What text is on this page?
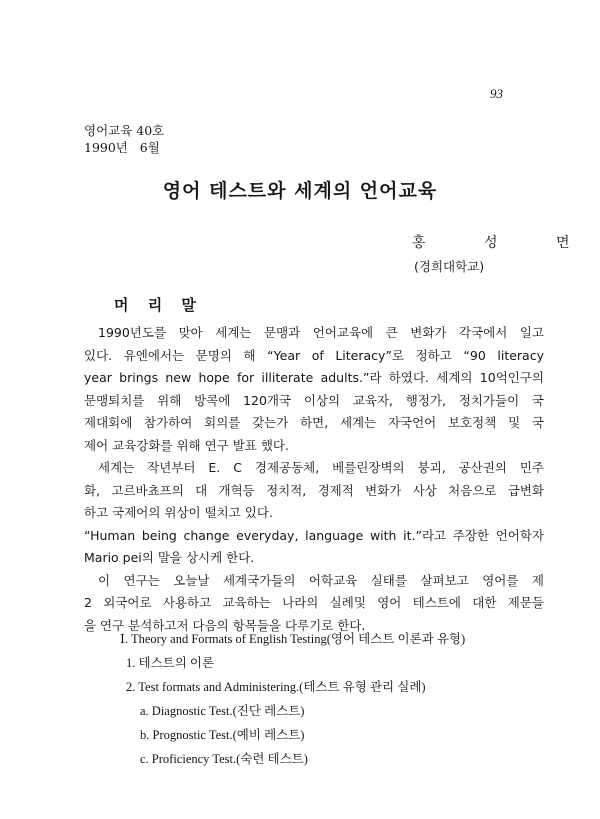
93
영어교육 40호
1990년   6월
영어 테스트와 세계의 언어교육
홍 성 면
(경희대학교)
머 리 말
1990년도를 맞아 세계는 문맹과 언어교육에 큰 변화가 각국에서 일고
있다. 유엔에서는 문명의 해 “Year of Literacy”로 정하고 “90 literacy
year brings new hope for illiterate adults.”라 하였다. 세계의 10억인구의
문맹퇴치를 위해 방콕에 120개국 이상의 교육자, 행정가, 정치가들이 국
제대회에 참가하여 회의를 갖는가 하면, 세계는 자국언어 보호정책 및 국
제어 교육강화를 위해 연구 발표 했다.
세계는 작년부터 E. C 경제공동체, 베를린장벽의 붕괴, 공산권의 민주
화, 고르바쵸프의 대 개혁등 정치적, 경제적 변화가 사상 처음으로 급변화
하고 국제어의 위상이 떨치고 있다.
“Human being change everyday, language with it.”라고 주장한 언어학자
Mario pei의 말을 상시케 한다.
이 연구는 오늘날 세계국가들의 어학교육 실태를 살펴보고 영어를 제
2 외국어로 사용하고 교육하는 나라의 실례및 영어 테스트에 대한 제문들
을 연구 분석하고저 다음의 항목들을 다루기로 한다.
Ⅰ. Theory and Formats of English Testing(영어 테스트 이론과 유형)
1. 테스트의 이론
2. Test formats and Administering.(테스트 유형 관리 실례)
a. Diagnostic Test.(진단 레스트)
b. Prognostic Test.(예비 레스트)
c. Proficiency Test.(숙련 테스트)
